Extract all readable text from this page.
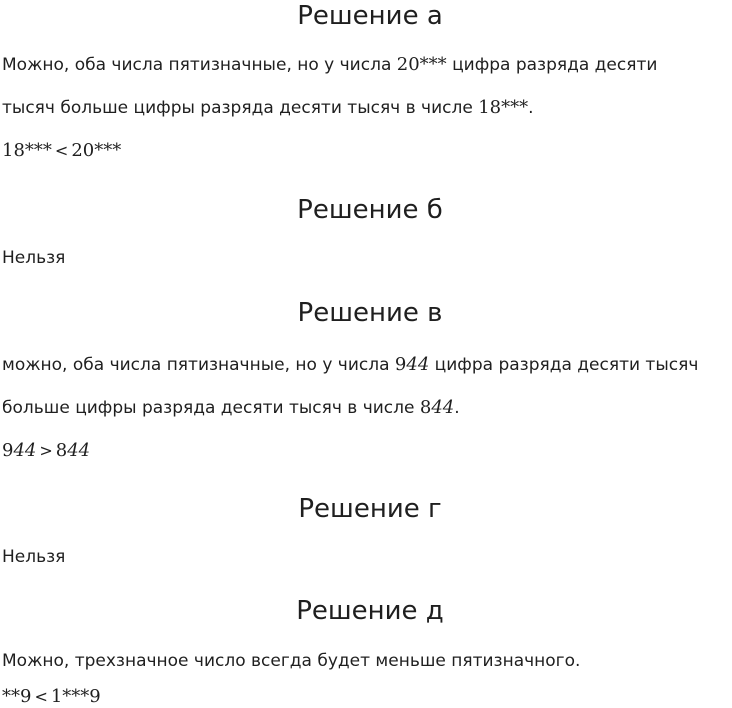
Решение а

Можно, оба числа пятизначные, но у числа 20*** цифра разряда десяти

тысяч больше цифры разряда десяти тысяч в числе 18***.

18*** < 20***

Решение б

Нельзя

Решение в

можно, оба числа пятизначные, но у числа 944 цифра разряда десяти тысяч

больше цифры разряда десяти тысяч в числе 844.

944 > 844

Решение г

Нельзя

Решение д

Можно, трехзначное число всегда будет меньше пятизначного.

**9 < 1***9
